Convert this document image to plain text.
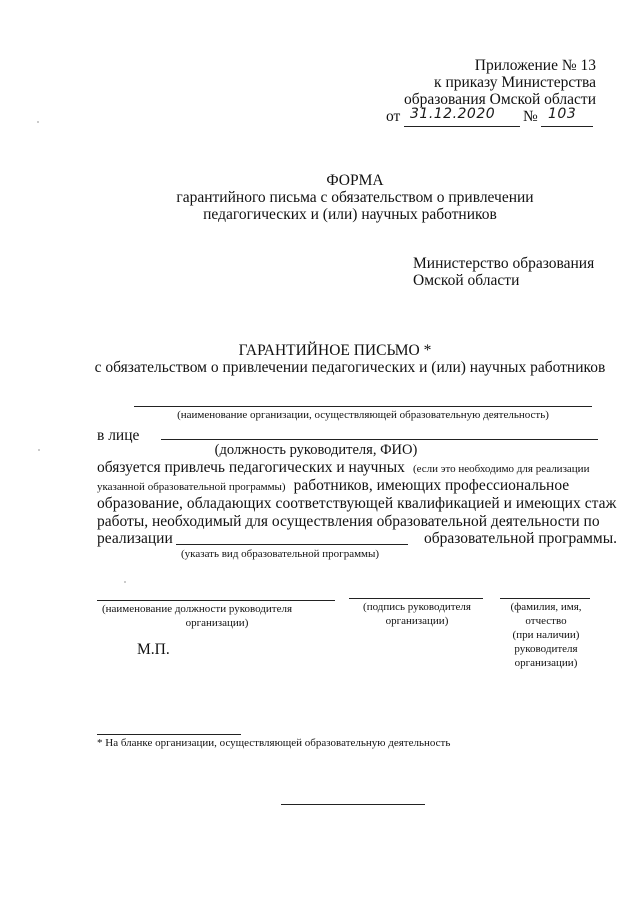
Приложение № 13
к приказу Министерства
образования Омской области
от 31.12.2020 № 103
ФОРМА
гарантийного письма с обязательством о привлечении
педагогических и (или) научных работников
Министерство образования
Омской области
ГАРАНТИЙНОЕ ПИСЬМО *
с обязательством о привлечении педагогических и (или) научных работников
(наименование организации, осуществляющей образовательную деятельность)
в лице
(должность руководителя, ФИО)
обязуется привлечь педагогических и научных (если это необходимо для реализации
указанной образовательной программы) работников, имеющих профессиональное
образование, обладающих соответствующей квалификацией и имеющих стаж
работы, необходимый для осуществления образовательной деятельности по
реализации	образовательной программы.
(указать вид образовательной программы)
(наименование должности руководителя
организации)
(подпись руководителя
организации)
(фамилия, имя,
отчество
(при наличии)
руководителя
организации)
М.П.
* На бланке организации, осуществляющей образовательную деятельность
